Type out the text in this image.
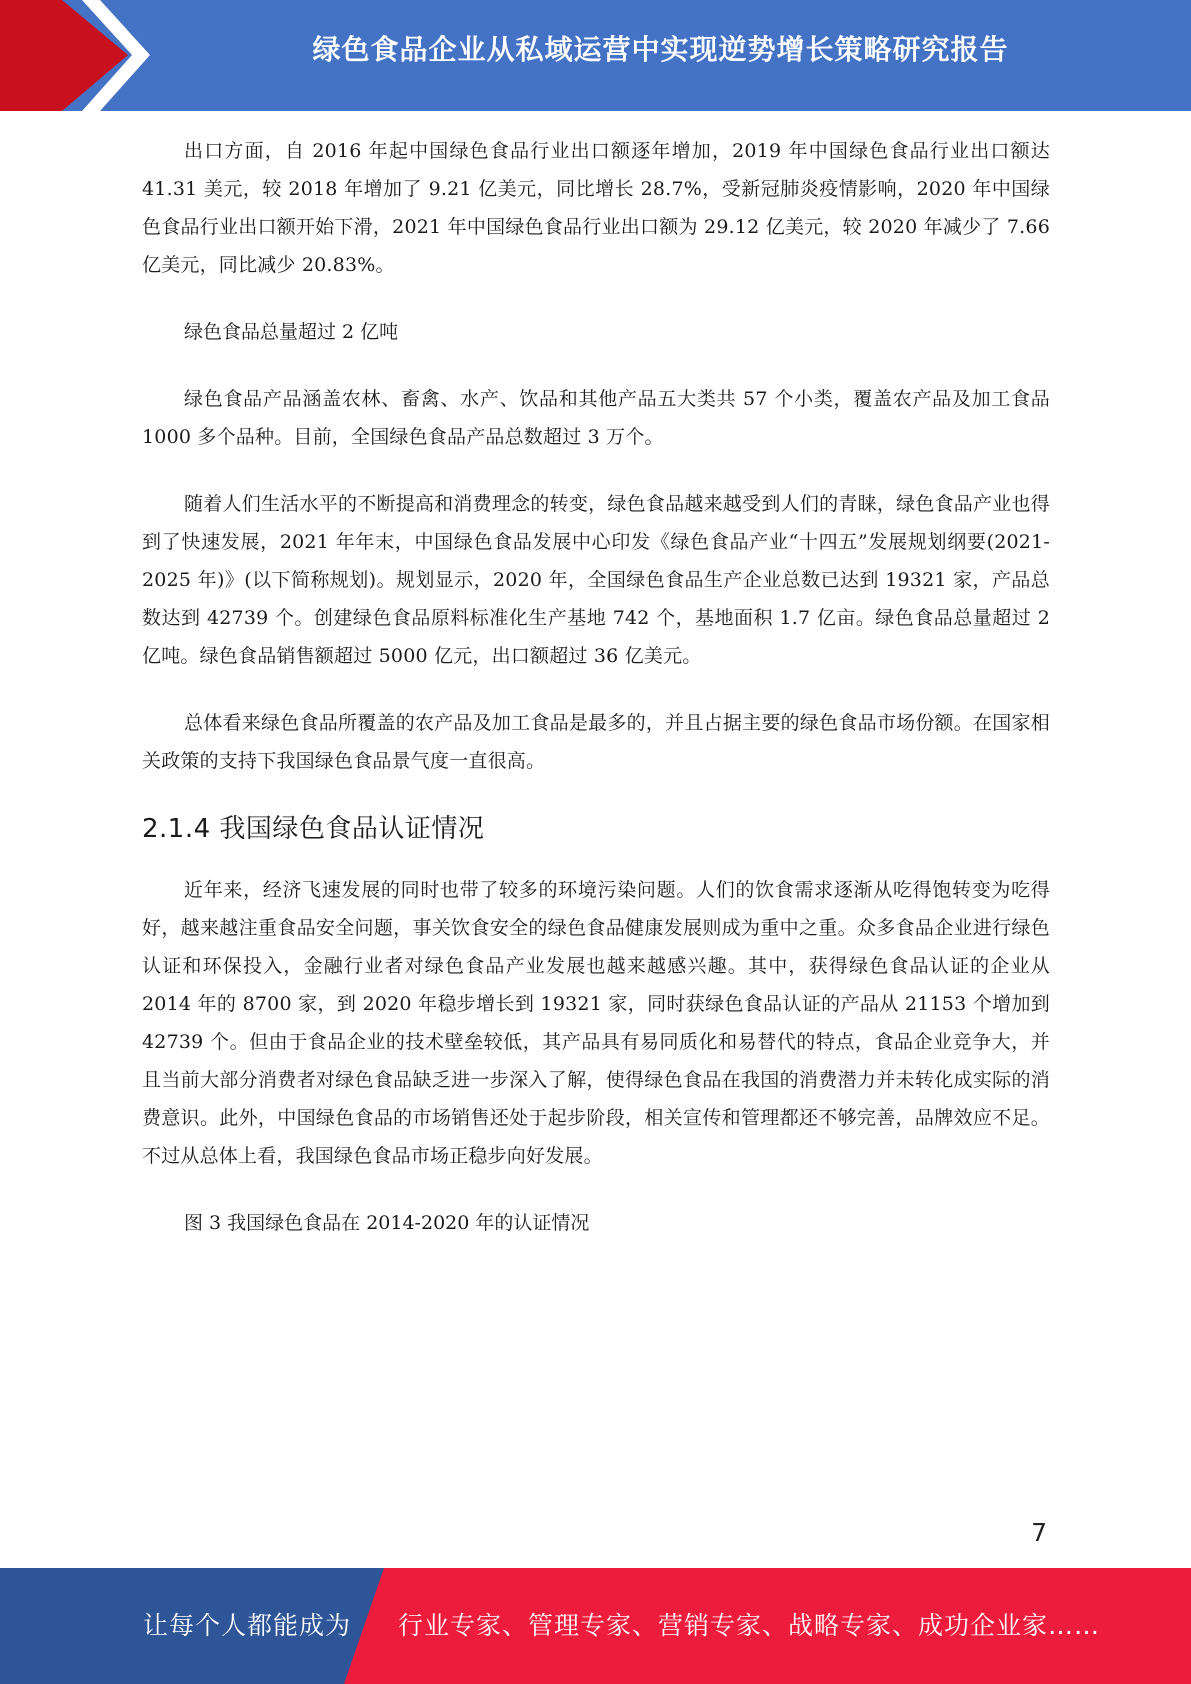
绿色食品企业从私域运营中实现逆势增长策略研究报告

出口方面，自 2016 年起中国绿色食品行业出口额逐年增加，2019 年中国绿色食品行业出口额达 41.31 美元，较 2018 年增加了 9.21 亿美元，同比增长 28.7%，受新冠肺炎疫情影响，2020 年中国绿色食品行业出口额开始下滑，2021 年中国绿色食品行业出口额为 29.12 亿美元，较 2020 年减少了 7.66 亿美元，同比减少 20.83%。

绿色食品总量超过 2 亿吨

绿色食品产品涵盖农林、畜禽、水产、饮品和其他产品五大类共 57 个小类，覆盖农产品及加工食品 1000 多个品种。目前，全国绿色食品产品总数超过 3 万个。

随着人们生活水平的不断提高和消费理念的转变，绿色食品越来越受到人们的青睐，绿色食品产业也得到了快速发展，2021 年年末，中国绿色食品发展中心印发《绿色食品产业“十四五”发展规划纲要(2021-2025 年)》(以下简称规划)。规划显示，2020 年，全国绿色食品生产企业总数已达到 19321 家，产品总数达到 42739 个。创建绿色食品原料标准化生产基地 742 个，基地面积 1.7 亿亩。绿色食品总量超过 2 亿吨。绿色食品销售额超过 5000 亿元，出口额超过 36 亿美元。

总体看来绿色食品所覆盖的农产品及加工食品是最多的，并且占据主要的绿色食品市场份额。在国家相关政策的支持下我国绿色食品景气度一直很高。

2.1.4 我国绿色食品认证情况

近年来，经济飞速发展的同时也带了较多的环境污染问题。人们的饮食需求逐渐从吃得饱转变为吃得好，越来越注重食品安全问题，事关饮食安全的绿色食品健康发展则成为重中之重。众多食品企业进行绿色认证和环保投入，金融行业者对绿色食品产业发展也越来越感兴趣。其中，获得绿色食品认证的企业从 2014 年的 8700 家，到 2020 年稳步增长到 19321 家，同时获绿色食品认证的产品从 21153 个增加到 42739 个。但由于食品企业的技术壁垒较低，其产品具有易同质化和易替代的特点，食品企业竞争大，并且当前大部分消费者对绿色食品缺乏进一步深入了解，使得绿色食品在我国的消费潜力并未转化成实际的消费意识。此外，中国绿色食品的市场销售还处于起步阶段，相关宣传和管理都还不够完善，品牌效应不足。不过从总体上看，我国绿色食品市场正稳步向好发展。

图 3 我国绿色食品在 2014-2020 年的认证情况

7
让每个人都能成为 行业专家、管理专家、营销专家、战略专家、成功企业家……
